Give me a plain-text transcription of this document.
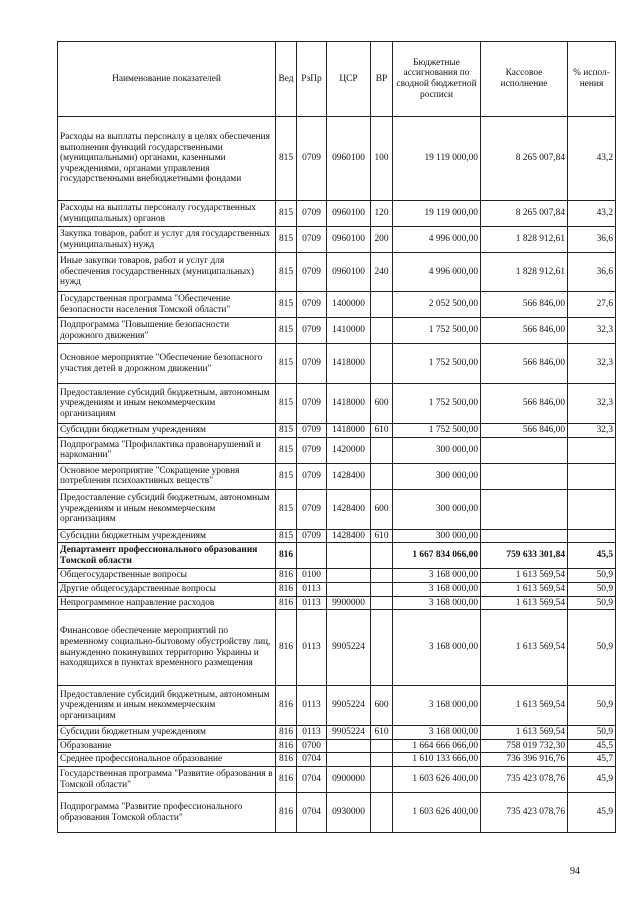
Наименование показателей	Вед	РзПр	ЦСР	ВР	Бюджетные ассигнования по сводной бюджетной росписи	Кассовое исполнение	% испол-нения
Расходы на выплаты персоналу в целях обеспечения выполнения функций государственными (муниципальными) органами, казенными учреждениями, органами управления государственными внебюджетными фондами	815	0709	0960100	100	19 119 000,00	8 265 007,84	43,2
Расходы на выплаты персоналу государственных (муниципальных) органов	815	0709	0960100	120	19 119 000,00	8 265 007,84	43,2
Закупка товаров, работ и услуг для государственных (муниципальных) нужд	815	0709	0960100	200	4 996 000,00	1 828 912,61	36,6
Иные закупки товаров, работ и услуг для обеспечения государственных (муниципальных) нужд	815	0709	0960100	240	4 996 000,00	1 828 912,61	36,6
Государственная программа "Обеспечение безопасности населения Томской области"	815	0709	1400000		2 052 500,00	566 846,00	27,6
Подпрограмма "Повышение безопасности дорожного движения"	815	0709	1410000		1 752 500,00	566 846,00	32,3
Основное мероприятие "Обеспечение безопасного участия детей в дорожном движении"	815	0709	1418000		1 752 500,00	566 846,00	32,3
Предоставление субсидий бюджетным, автономным учреждениям и иным некоммерческим организациям	815	0709	1418000	600	1 752 500,00	566 846,00	32,3
Субсидии бюджетным учреждениям	815	0709	1418000	610	1 752 500,00	566 846,00	32,3
Подпрограмма "Профилактика правонарушений и наркомании"	815	0709	1420000		300 000,00		
Основное мероприятие "Сокращение уровня потребления психоактивных веществ"	815	0709	1428400		300 000,00		
Предоставление субсидий бюджетным, автономным учреждениям и иным некоммерческим организациям	815	0709	1428400	600	300 000,00		
Субсидии бюджетным учреждениям	815	0709	1428400	610	300 000,00		
Департамент профессионального образования Томской области	816				1 667 834 066,00	759 633 301,84	45,5
Общегосударственные вопросы	816	0100			3 168 000,00	1 613 569,54	50,9
Другие общегосударственные вопросы	816	0113			3 168 000,00	1 613 569,54	50,9
Непрограммное направление расходов	816	0113	9900000		3 168 000,00	1 613 569,54	50,9
Финансовое обеспечение мероприятий по временному социально-бытовому обустройству лиц, вынужденно покинувших территорию Украины и находящихся в пунктах временного размещения	816	0113	9905224		3 168 000,00	1 613 569,54	50,9
Предоставление субсидий бюджетным, автономным учреждениям и иным некоммерческим организациям	816	0113	9905224	600	3 168 000,00	1 613 569,54	50,9
Субсидии бюджетным учреждениям	816	0113	9905224	610	3 168 000,00	1 613 569,54	50,9
Образование	816	0700			1 664 666 066,00	758 019 732,30	45,5
Среднее профессиональное образование	816	0704			1 610 133 666,00	736 396 916,76	45,7
Государственная программа "Развитие образования в Томской области"	816	0704	0900000		1 603 626 400,00	735 423 078,76	45,9
Подпрограмма "Развитие профессионального образования Томской области"	816	0704	0930000		1 603 626 400,00	735 423 078,76	45,9
94
